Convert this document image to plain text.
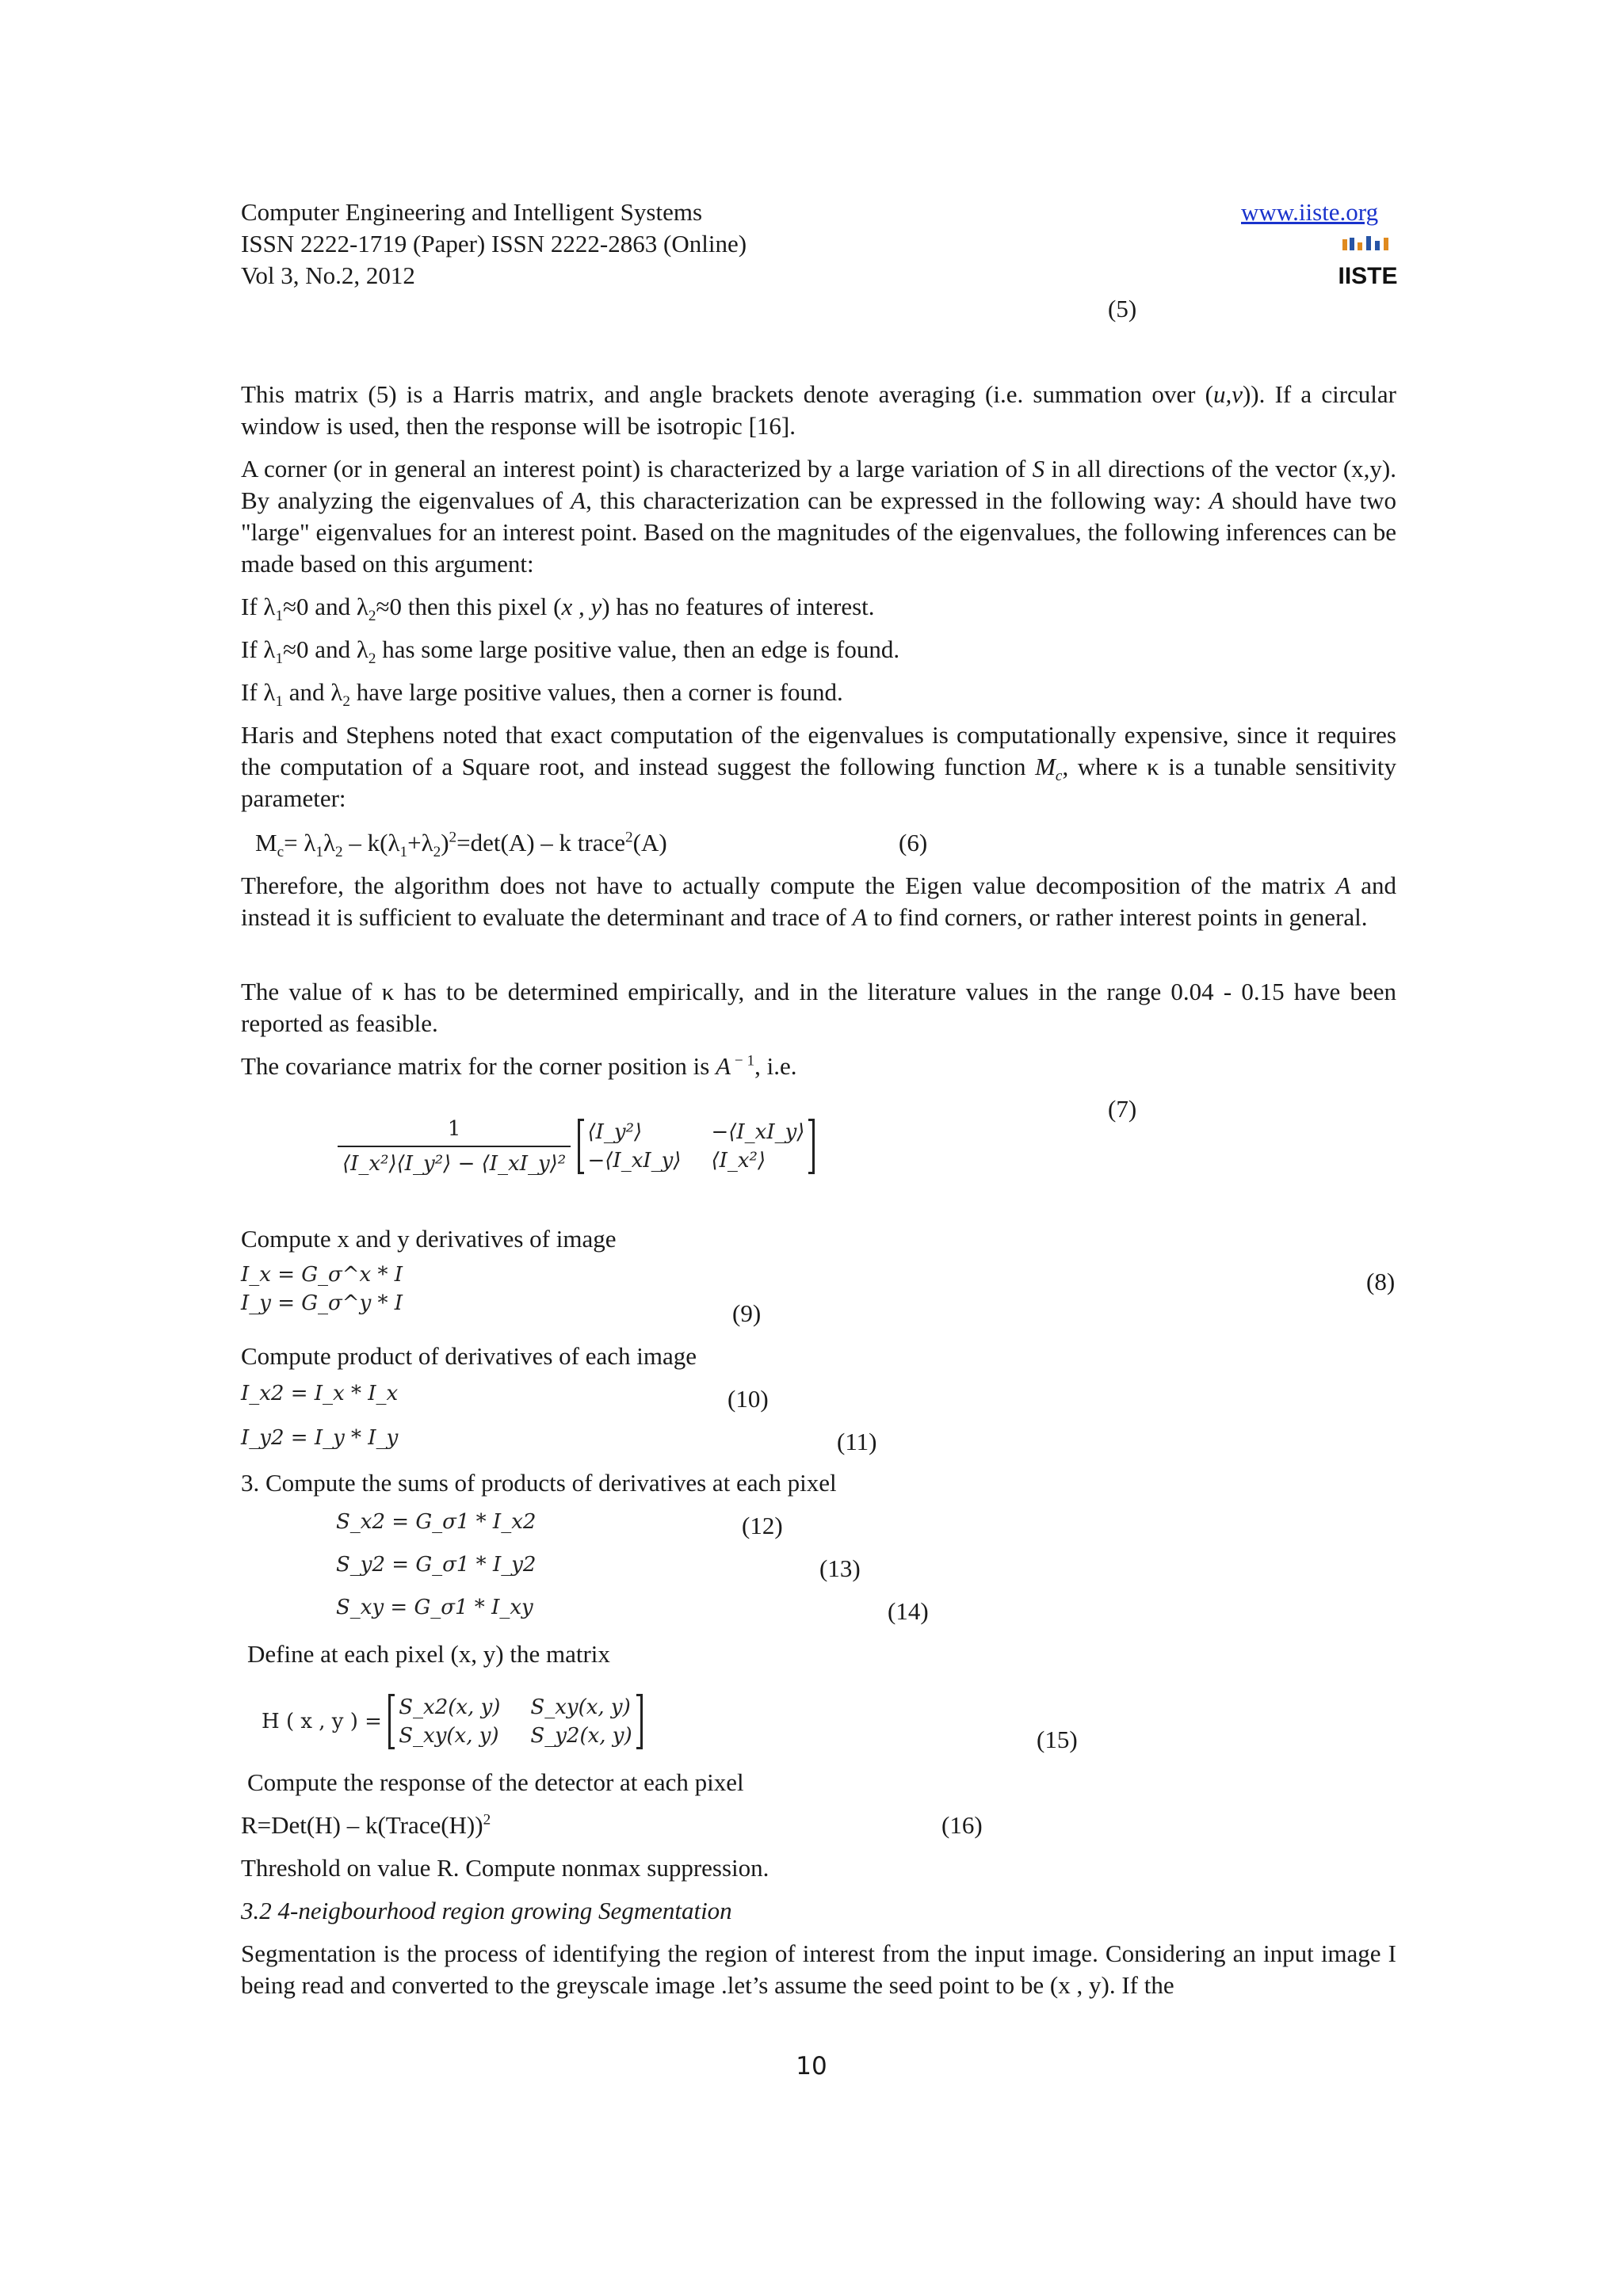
Computer Engineering and Intelligent Systems
ISSN 2222-1719 (Paper) ISSN 2222-2863 (Online)
Vol 3, No.2, 2012
www.iiste.org
IISTE
(5)
This matrix (5) is a Harris matrix, and angle brackets denote averaging (i.e. summation over (u,v)). If a circular window is used, then the response will be isotropic [16].
A corner (or in general an interest point) is characterized by a large variation of S in all directions of the vector (x,y). By analyzing the eigenvalues of A, this characterization can be expressed in the following way: A should have two "large" eigenvalues for an interest point. Based on the magnitudes of the eigenvalues, the following inferences can be made based on this argument:
If $\lambda_1\approx 0$ and $\lambda_2\approx 0$ then this pixel (x , y) has no features of interest.
If $\lambda_1\approx 0$ and $\lambda_2$ has some large positive value, then an edge is found.
If $\lambda_1$ and $\lambda_2$ have large positive values, then a corner is found.
Haris and Stephens noted that exact computation of the eigenvalues is computationally expensive, since it requires the computation of a Square root, and instead suggest the following function $M_c$, where κ is a tunable sensitivity parameter:
$M_c= \lambda_1\lambda_2 - k(\lambda_1+\lambda_2)^2=\det(A) - k$ trace$^2$(A)	(6)
Therefore, the algorithm does not have to actually compute the Eigen value decomposition of the matrix A and instead it is sufficient to evaluate the determinant and trace of A to find corners, or rather interest points in general.
The value of κ has to be determined empirically, and in the literature values in the range 0.04 - 0.15 have been reported as feasible.
The covariance matrix for the corner position is A $^{- 1}$, i.e.
(7)
$\frac{1}{\text{⟨I\_x²⟩⟨I\_y²⟩ − ⟨I\_xI\_y⟩²}}$
⟨I_y²⟩	−⟨I_xI_y⟩
−⟨I_xI_y⟩ ⟨I_x²⟩
Compute x and y derivatives of image
I_x = G_σ^x * I
I_y = G_σ^y * I
(8)
(9)
Compute product of derivatives of each image
I_x2 = I_x * I_x	(10)
I_y2 = I_y * I_y	(11)
3. Compute the sums of products of derivatives at each pixel
S_x2 = G_σ1 * I_x2	(12)
S_y2 = G_σ1 * I_y2	(13)
S_xy = G_σ1 * I_xy	(14)
Define at each pixel (x, y) the matrix
H ( x , y ) =
S_x2(x, y) S_xy(x, y)
S_xy(x, y) S_y2(x, y)	(15)
Compute the response of the detector at each pixel
R=Det(H) – k(Trace(H))$^2$	(16)
Threshold on value R. Compute nonmax suppression.
3.2 4-neigbourhood region growing Segmentation
Segmentation is the process of identifying the region of interest from the input image. Considering an input image I being read and converted to the greyscale image .let’s assume the seed point to be (x , y). If the
10
